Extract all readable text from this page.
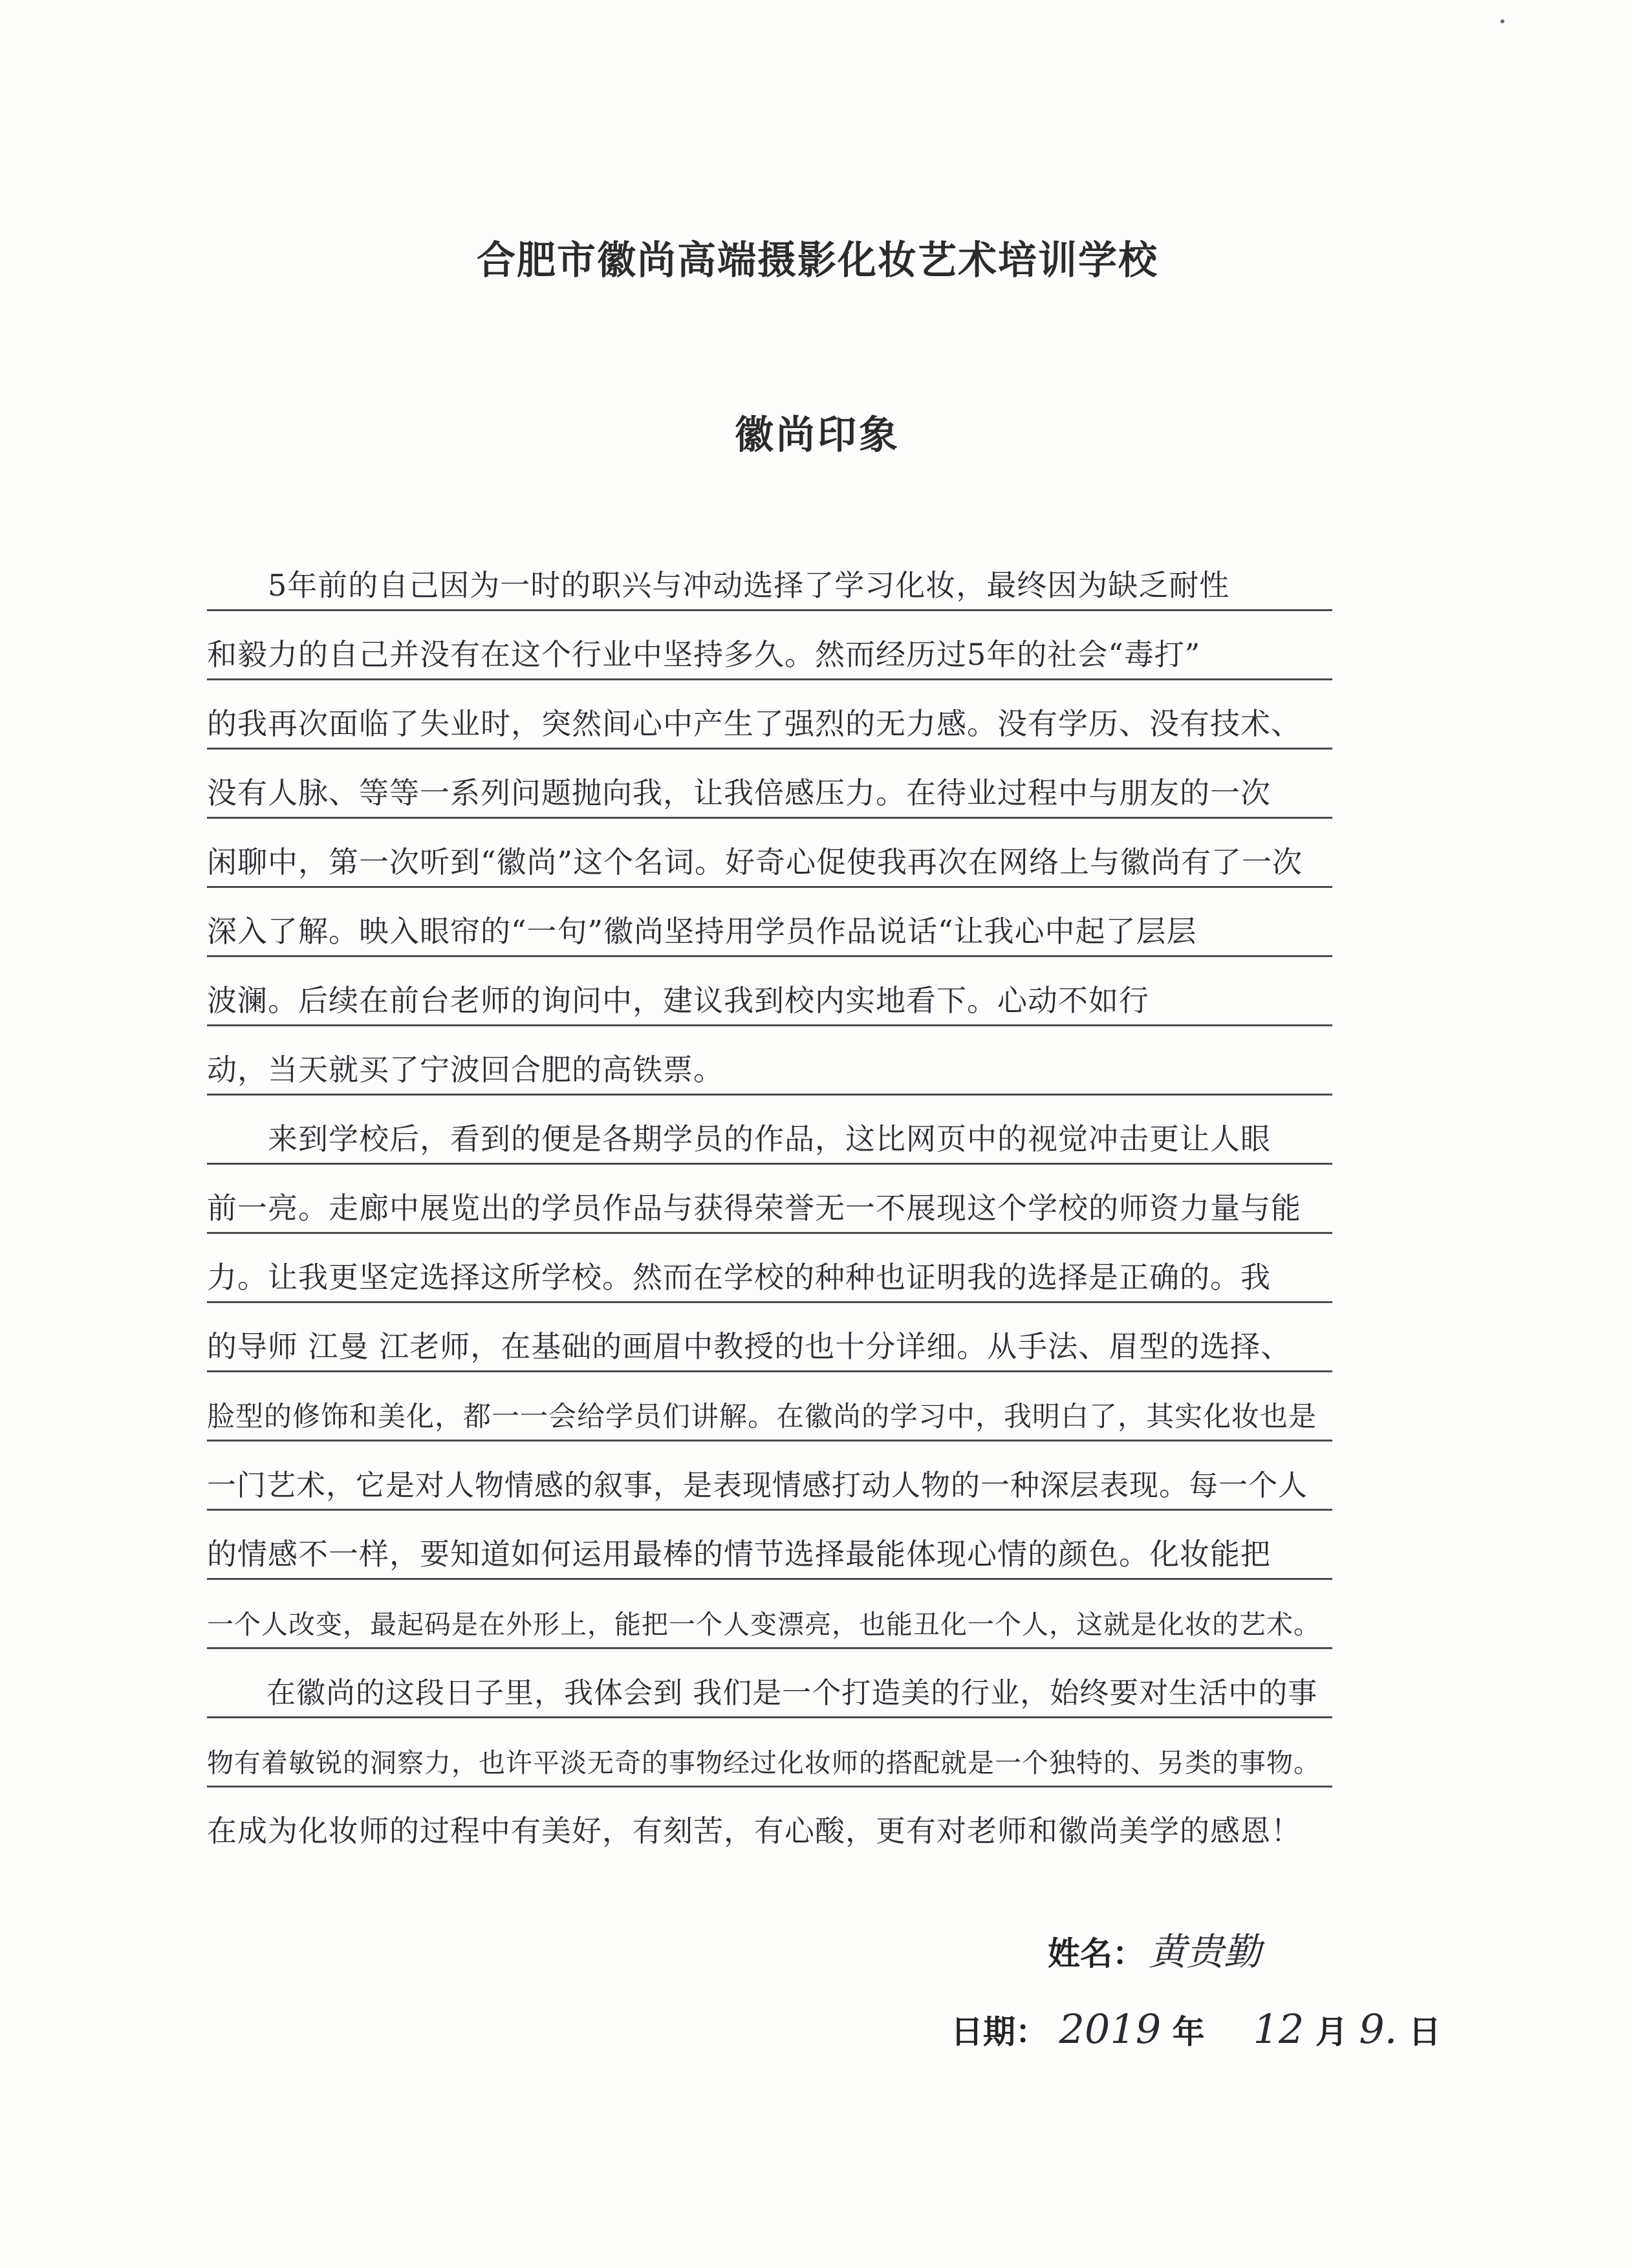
合肥市徽尚高端摄影化妆艺术培训学校
徽尚印象
　　5年前的自己因为一时的职兴与冲动选择了学习化妆，最终因为缺乏耐性
和毅力的自己并没有在这个行业中坚持多久。然而经历过5年的社会“毒打”
的我再次面临了失业时，突然间心中产生了强烈的无力感。没有学历、没有技术、
没有人脉、等等一系列问题抛向我，让我倍感压力。在待业过程中与朋友的一次
闲聊中，第一次听到“徽尚”这个名词。好奇心促使我再次在网络上与徽尚有了一次
深入了解。映入眼帘的“一句”徽尚坚持用学员作品说话“让我心中起了层层
波澜。后续在前台老师的询问中，建议我到校内实地看下。心动不如行
动，当天就买了宁波回合肥的高铁票。
　　来到学校后，看到的便是各期学员的作品，这比网页中的视觉冲击更让人眼
前一亮。走廊中展览出的学员作品与获得荣誉无一不展现这个学校的师资力量与能
力。让我更坚定选择这所学校。然而在学校的种种也证明我的选择是正确的。我
的导师 江曼 江老师，在基础的画眉中教授的也十分详细。从手法、眉型的选择、
脸型的修饰和美化，都一一会给学员们讲解。在徽尚的学习中，我明白了，其实化妆也是
一门艺术，它是对人物情感的叙事，是表现情感打动人物的一种深层表现。每一个人
的情感不一样，要知道如何运用最棒的情节选择最能体现心情的颜色。化妆能把
一个人改变，最起码是在外形上，能把一个人变漂亮，也能丑化一个人，这就是化妆的艺术。
　　在徽尚的这段日子里，我体会到 我们是一个打造美的行业，始终要对生活中的事
物有着敏锐的洞察力，也许平淡无奇的事物经过化妆师的搭配就是一个独特的、另类的事物。
在成为化妆师的过程中有美好，有刻苦，有心酸，更有对老师和徽尚美学的感恩！
姓名： 黄贵勤
日期： 2019 年 12 月 9. 日
